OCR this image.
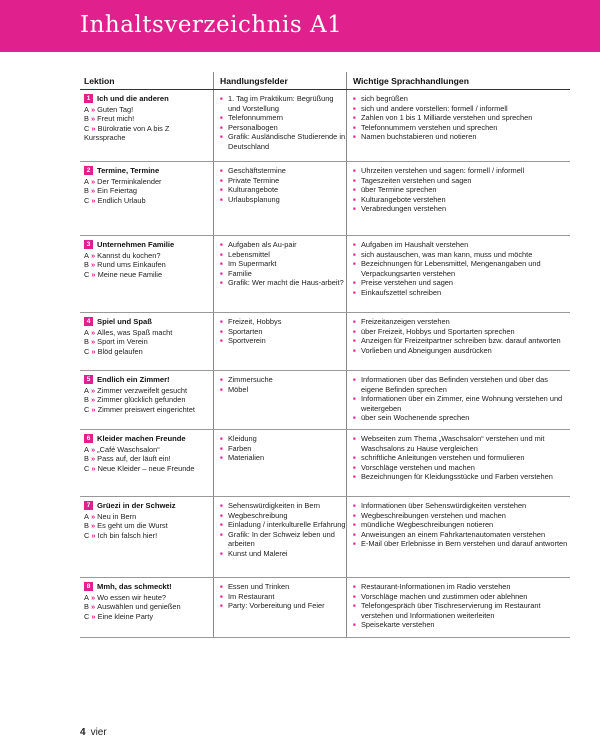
Inhaltsverzeichnis A1
Lektion	Handlungsfelder	Wichtige Sprachhandlungen
1 Ich und die anderen
A » Guten Tag!
B » Freut mich!
C » Bürokratie von A bis Z
Kurssprache
■ 1. Tag im Praktikum: Begrüßung und Vorstellung
■ Telefonnummern
■ Personalbogen
■ Grafik: Ausländische Studierende in Deutschland
■ sich begrüßen
■ sich und andere vorstellen: formell / informell
■ Zahlen von 1 bis 1 Milliarde verstehen und sprechen
■ Telefonnummern verstehen und sprechen
■ Namen buchstabieren und notieren
2 Termine, Termine
A » Der Terminkalender
B » Ein Feiertag
C » Endlich Urlaub
■ Geschäftstermine
■ Private Termine
■ Kulturangebote
■ Urlaubsplanung
■ Uhrzeiten verstehen und sagen: formell / informell
■ Tageszeiten verstehen und sagen
■ über Termine sprechen
■ Kulturangebote verstehen
■ Verabredungen verstehen
3 Unternehmen Familie
A » Kannst du kochen?
B » Rund ums Einkaufen
C » Meine neue Familie
■ Aufgaben als Au-pair
■ Lebensmittel
■ Im Supermarkt
■ Familie
■ Grafik: Wer macht die Haus-arbeit?
■ Aufgaben im Haushalt verstehen
■ sich austauschen, was man kann, muss und möchte
■ Bezeichnungen für Lebensmittel, Mengenangaben und Verpackungsarten verstehen
■ Preise verstehen und sagen
■ Einkaufszettel schreiben
4 Spiel und Spaß
A » Alles, was Spaß macht
B » Sport im Verein
C » Blöd gelaufen
■ Freizeit, Hobbys
■ Sportarten
■ Sportverein
■ Freizeitanzeigen verstehen
■ über Freizeit, Hobbys und Sportarten sprechen
■ Anzeigen für Freizeitpartner schreiben bzw. darauf antworten
■ Vorlieben und Abneigungen ausdrücken
5 Endlich ein Zimmer!
A » Zimmer verzweifelt gesucht
B » Zimmer glücklich gefunden
C » Zimmer preiswert eingerichtet
■ Zimmersuche
■ Möbel
■ Informationen über das Befinden verstehen und über das eigene Befinden sprechen
■ Informationen über ein Zimmer, eine Wohnung verstehen und weitergeben
■ über sein Wochenende sprechen
6 Kleider machen Freunde
A » „Café Waschsalon“
B » Pass auf, der läuft ein!
C » Neue Kleider – neue Freunde
■ Kleidung
■ Farben
■ Materialien
■ Webseiten zum Thema „Waschsalon“ verstehen und mit Waschsalons zu Hause vergleichen
■ schriftliche Anleitungen verstehen und formulieren
■ Vorschläge verstehen und machen
■ Bezeichnungen für Kleidungsstücke und Farben verstehen
7 Grüezi in der Schweiz
A » Neu in Bern
B » Es geht um die Wurst
C » Ich bin falsch hier!
■ Sehenswürdigkeiten in Bern
■ Wegbeschreibung
■ Einladung / interkulturelle Erfahrung
■ Grafik: In der Schweiz leben und arbeiten
■ Kunst und Malerei
■ Informationen über Sehenswürdigkeiten verstehen
■ Wegbeschreibungen verstehen und machen
■ mündliche Wegbeschreibungen notieren
■ Anweisungen an einem Fahrkartenautomaten verstehen
■ E-Mail über Erlebnisse in Bern verstehen und darauf antworten
8 Mmh, das schmeckt!
A » Wo essen wir heute?
B » Auswählen und genießen
C » Eine kleine Party
■ Essen und Trinken
■ Im Restaurant
■ Party: Vorbereitung und Feier
■ Restaurant-Informationen im Radio verstehen
■ Vorschläge machen und zustimmen oder ablehnen
■ Telefongespräch über Tischreservierung im Restaurant verstehen und Informationen weiterleiten
■ Speisekarte verstehen
4 vier
